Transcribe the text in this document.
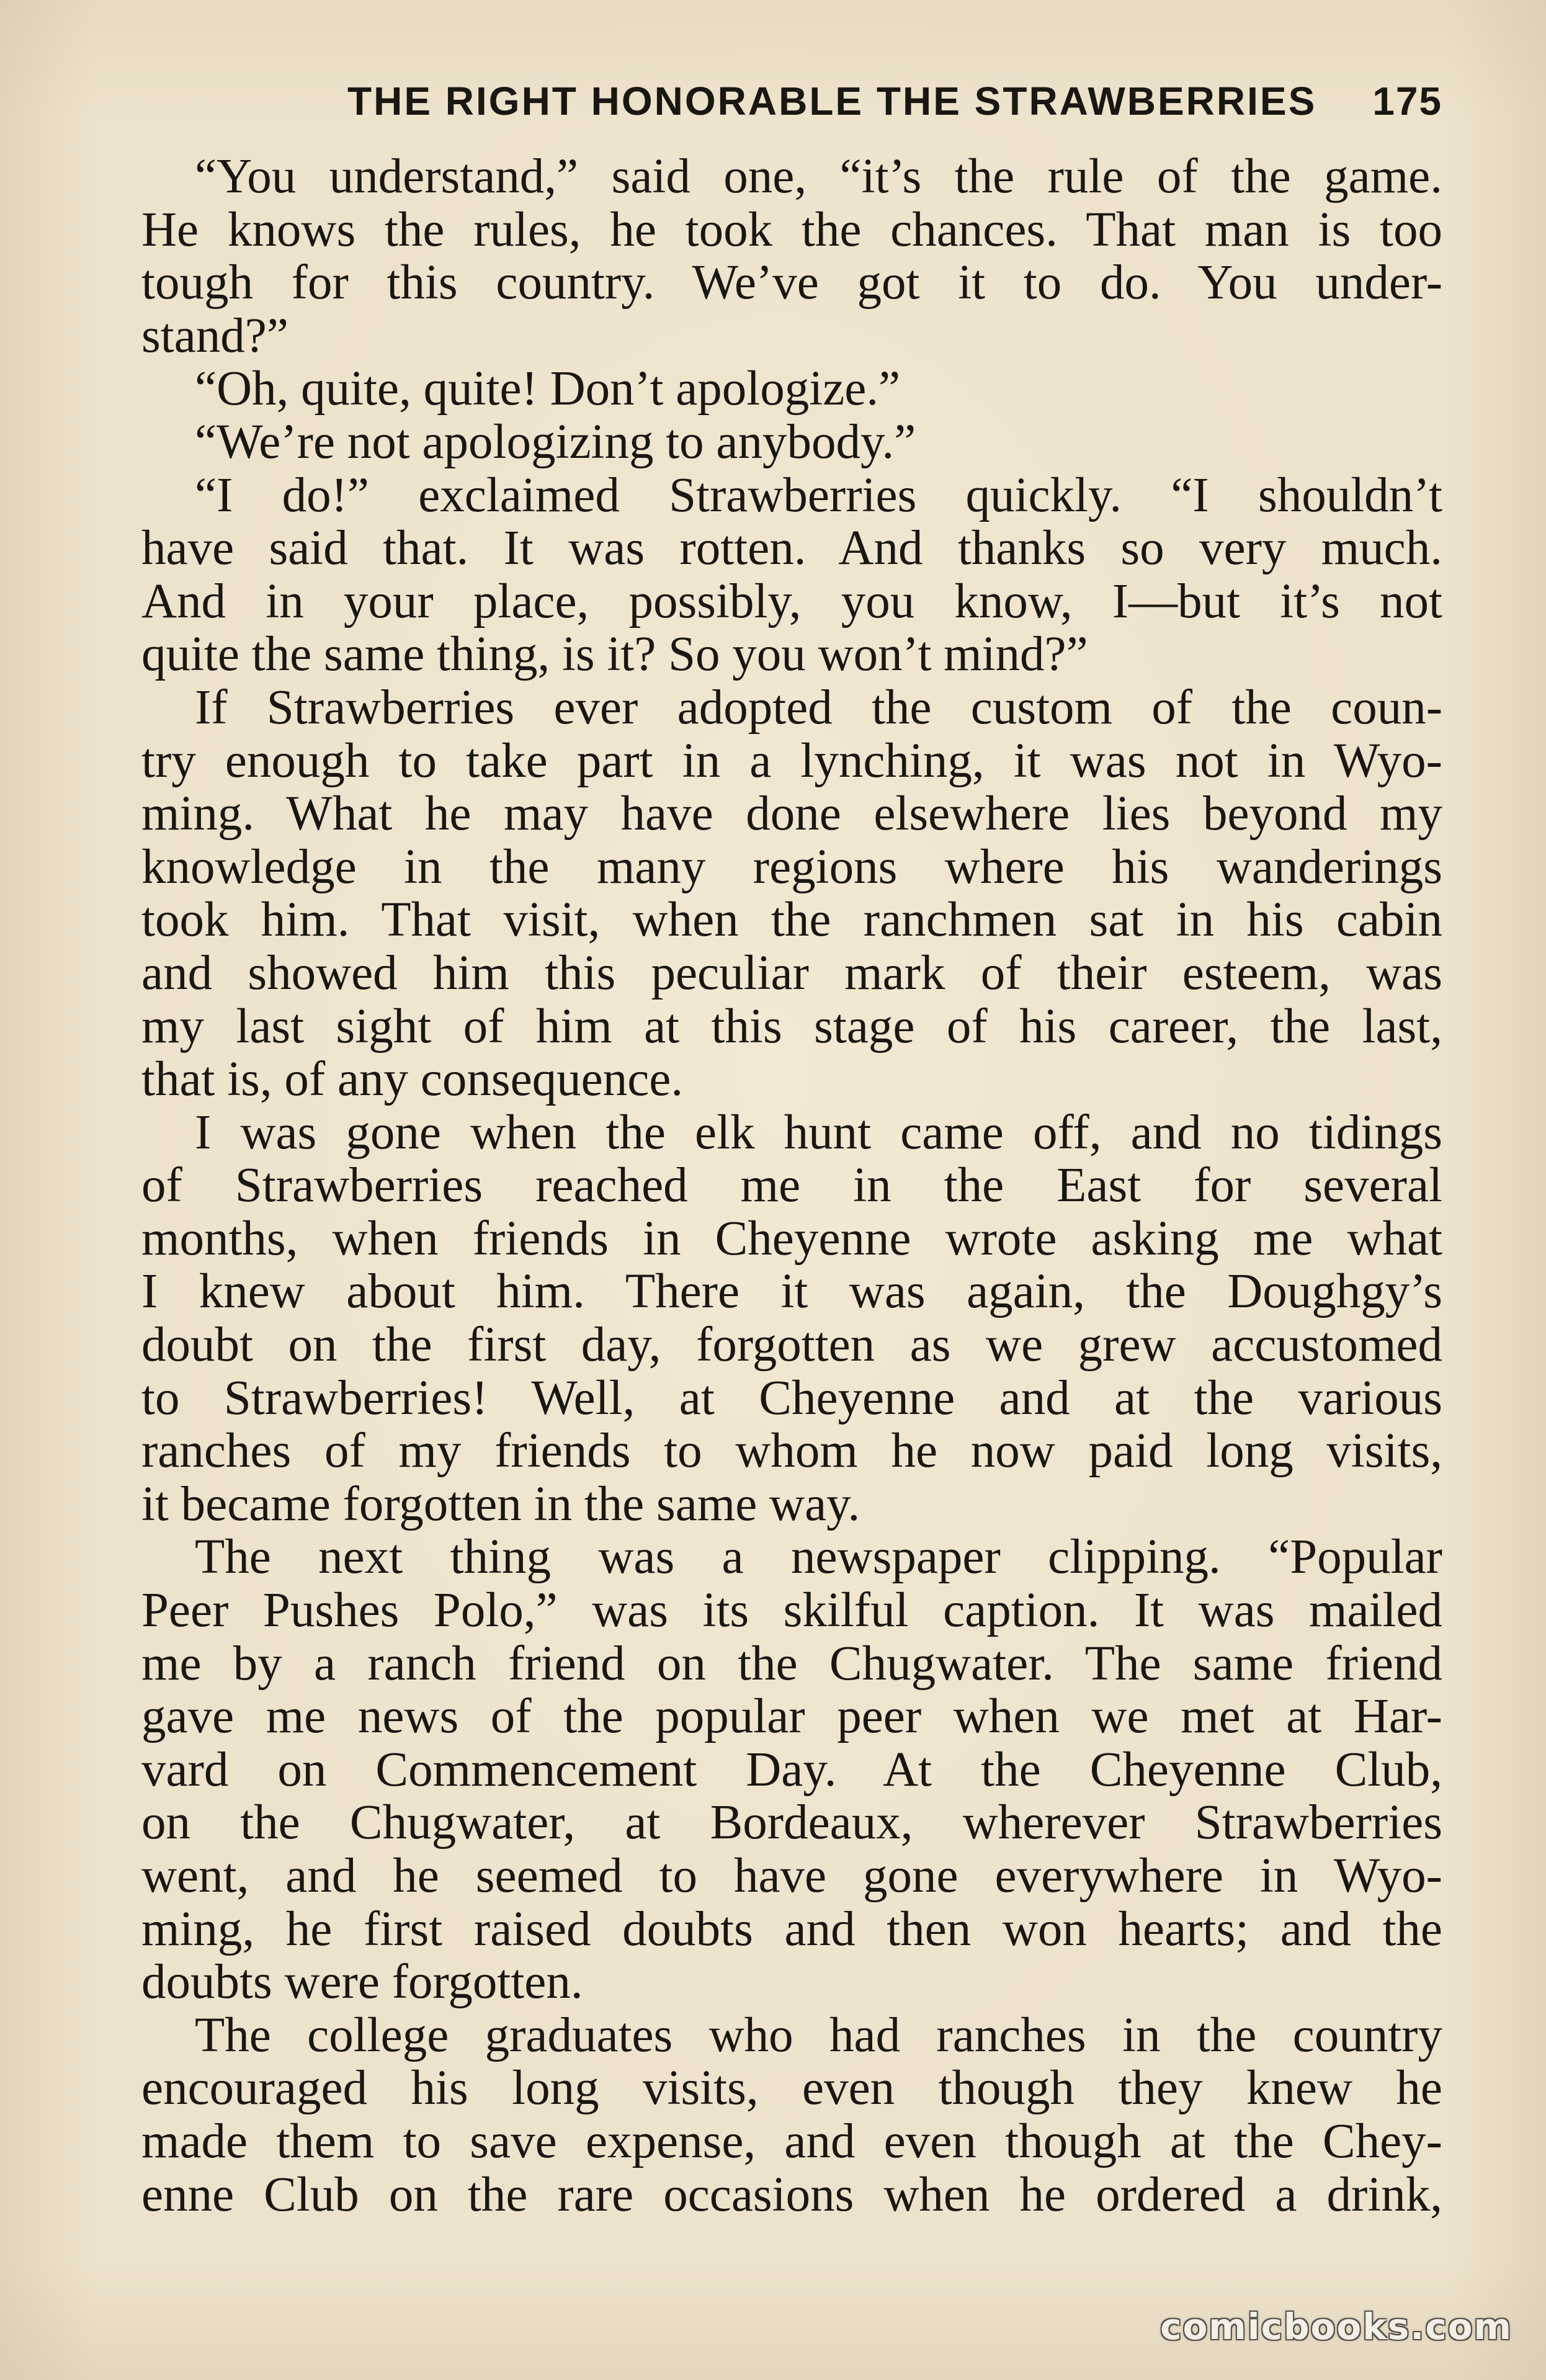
THE RIGHT HONORABLE THE STRAWBERRIES 175
“You understand,” said one, “it’s the rule of the game.
He knows the rules, he took the chances. That man is too
tough for this country. We’ve got it to do. You under-
stand?”
“Oh, quite, quite! Don’t apologize.”
“We’re not apologizing to anybody.”
“I do!” exclaimed Strawberries quickly. “I shouldn’t
have said that. It was rotten. And thanks so very much.
And in your place, possibly, you know, I—but it’s not
quite the same thing, is it? So you won’t mind?”
If Strawberries ever adopted the custom of the coun-
try enough to take part in a lynching, it was not in Wyo-
ming. What he may have done elsewhere lies beyond my
knowledge in the many regions where his wanderings
took him. That visit, when the ranchmen sat in his cabin
and showed him this peculiar mark of their esteem, was
my last sight of him at this stage of his career, the last,
that is, of any consequence.
I was gone when the elk hunt came off, and no tidings
of Strawberries reached me in the East for several
months, when friends in Cheyenne wrote asking me what
I knew about him. There it was again, the Doughgy’s
doubt on the first day, forgotten as we grew accustomed
to Strawberries! Well, at Cheyenne and at the various
ranches of my friends to whom he now paid long visits,
it became forgotten in the same way.
The next thing was a newspaper clipping. “Popular
Peer Pushes Polo,” was its skilful caption. It was mailed
me by a ranch friend on the Chugwater. The same friend
gave me news of the popular peer when we met at Har-
vard on Commencement Day. At the Cheyenne Club,
on the Chugwater, at Bordeaux, wherever Strawberries
went, and he seemed to have gone everywhere in Wyo-
ming, he first raised doubts and then won hearts; and the
doubts were forgotten.
The college graduates who had ranches in the country
encouraged his long visits, even though they knew he
made them to save expense, and even though at the Chey-
enne Club on the rare occasions when he ordered a drink,
comicbooks.com
